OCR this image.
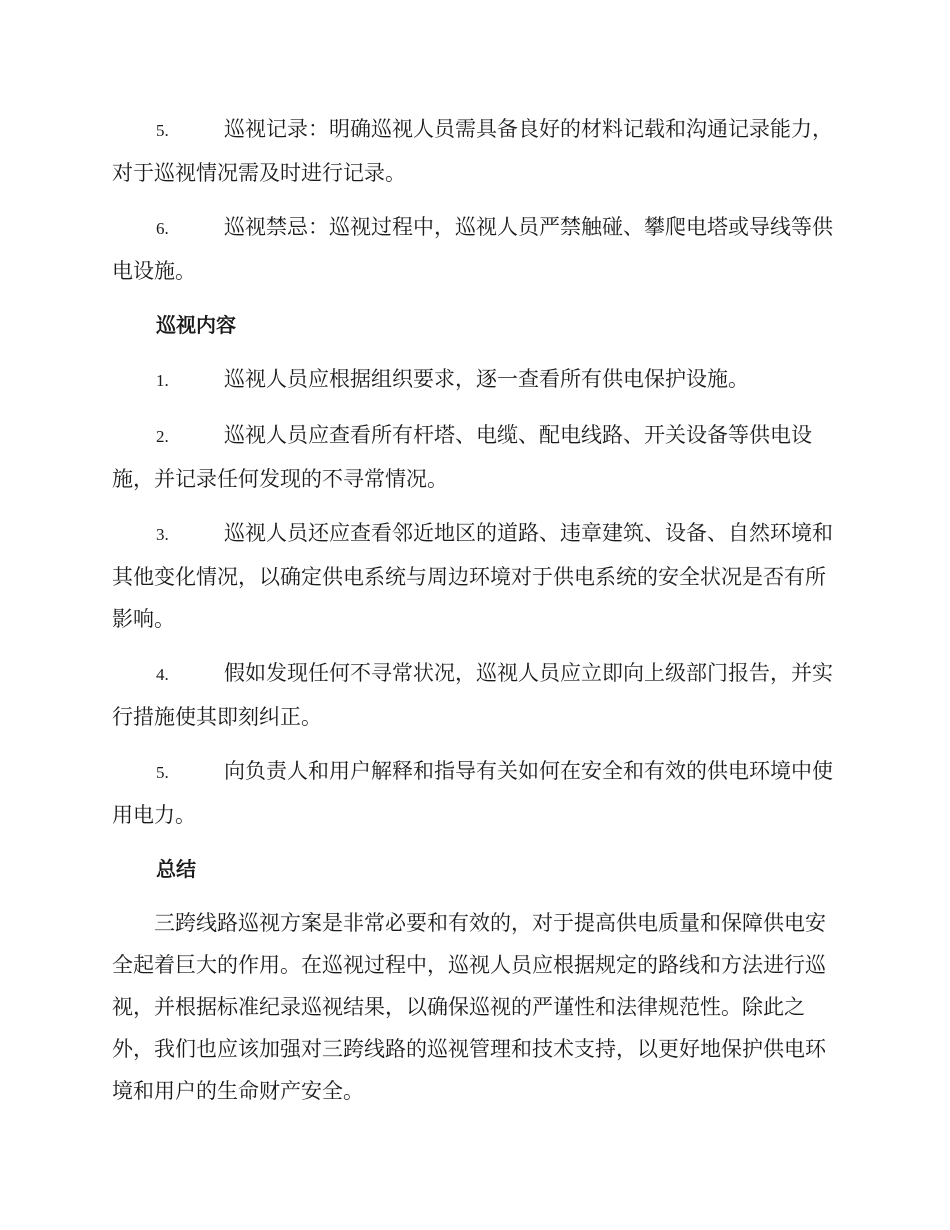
5.	巡视记录：明确巡视人员需具备良好的材料记载和沟通记录能力，对于巡视情况需及时进行记录。

6.	巡视禁忌：巡视过程中，巡视人员严禁触碰、攀爬电塔或导线等供电设施。

巡视内容

1.	巡视人员应根据组织要求，逐一查看所有供电保护设施。

2.	巡视人员应查看所有杆塔、电缆、配电线路、开关设备等供电设施，并记录任何发现的不寻常情况。

3.	巡视人员还应查看邻近地区的道路、违章建筑、设备、自然环境和其他变化情况，以确定供电系统与周边环境对于供电系统的安全状况是否有所影响。

4.	假如发现任何不寻常状况，巡视人员应立即向上级部门报告，并实行措施使其即刻纠正。

5.	向负责人和用户解释和指导有关如何在安全和有效的供电环境中使用电力。

总结

三跨线路巡视方案是非常必要和有效的，对于提高供电质量和保障供电安全起着巨大的作用。在巡视过程中，巡视人员应根据规定的路线和方法进行巡视，并根据标准纪录巡视结果，以确保巡视的严谨性和法律规范性。除此之外，我们也应该加强对三跨线路的巡视管理和技术支持，以更好地保护供电环境和用户的生命财产安全。
